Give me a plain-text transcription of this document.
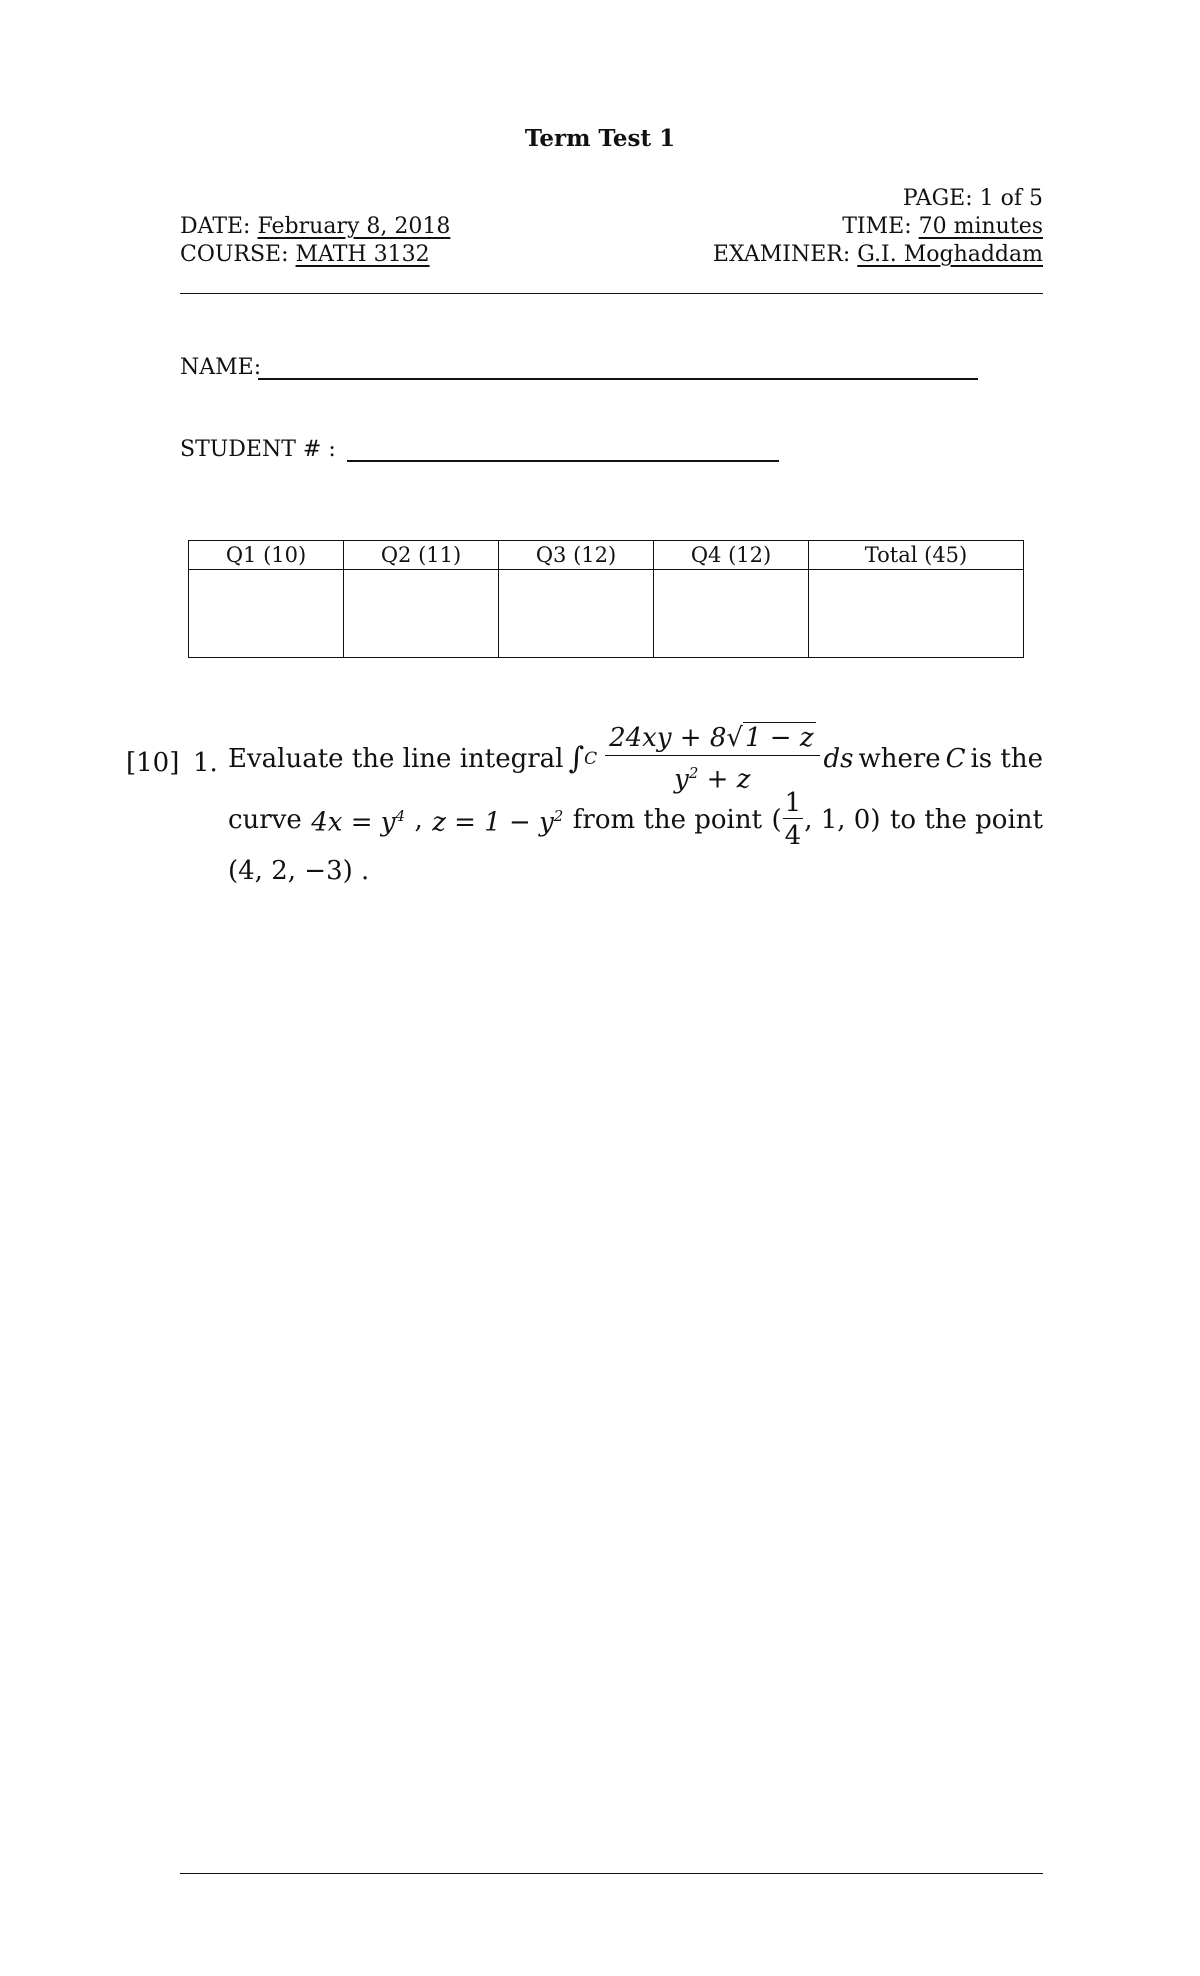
Term Test 1
DATE: February 8, 2018
COURSE: MATH 3132
PAGE: 1 of 5
TIME: 70 minutes
EXAMINER: G.I. Moghaddam
NAME:
STUDENT # :
Q1 (10)	Q2 (11)	Q3 (12)	Q4 (12)	Total (45)

[10] 1. Evaluate the line integral ∫ C $\frac{24xy + 8√1 - z}{y^2 + z}$ ds where C is the
curve $4x = y^4$ , $z = 1 - y^2$ from the point ( $\frac{1}{4}$ , 1, 0) to the point
(4, 2, −3) .
